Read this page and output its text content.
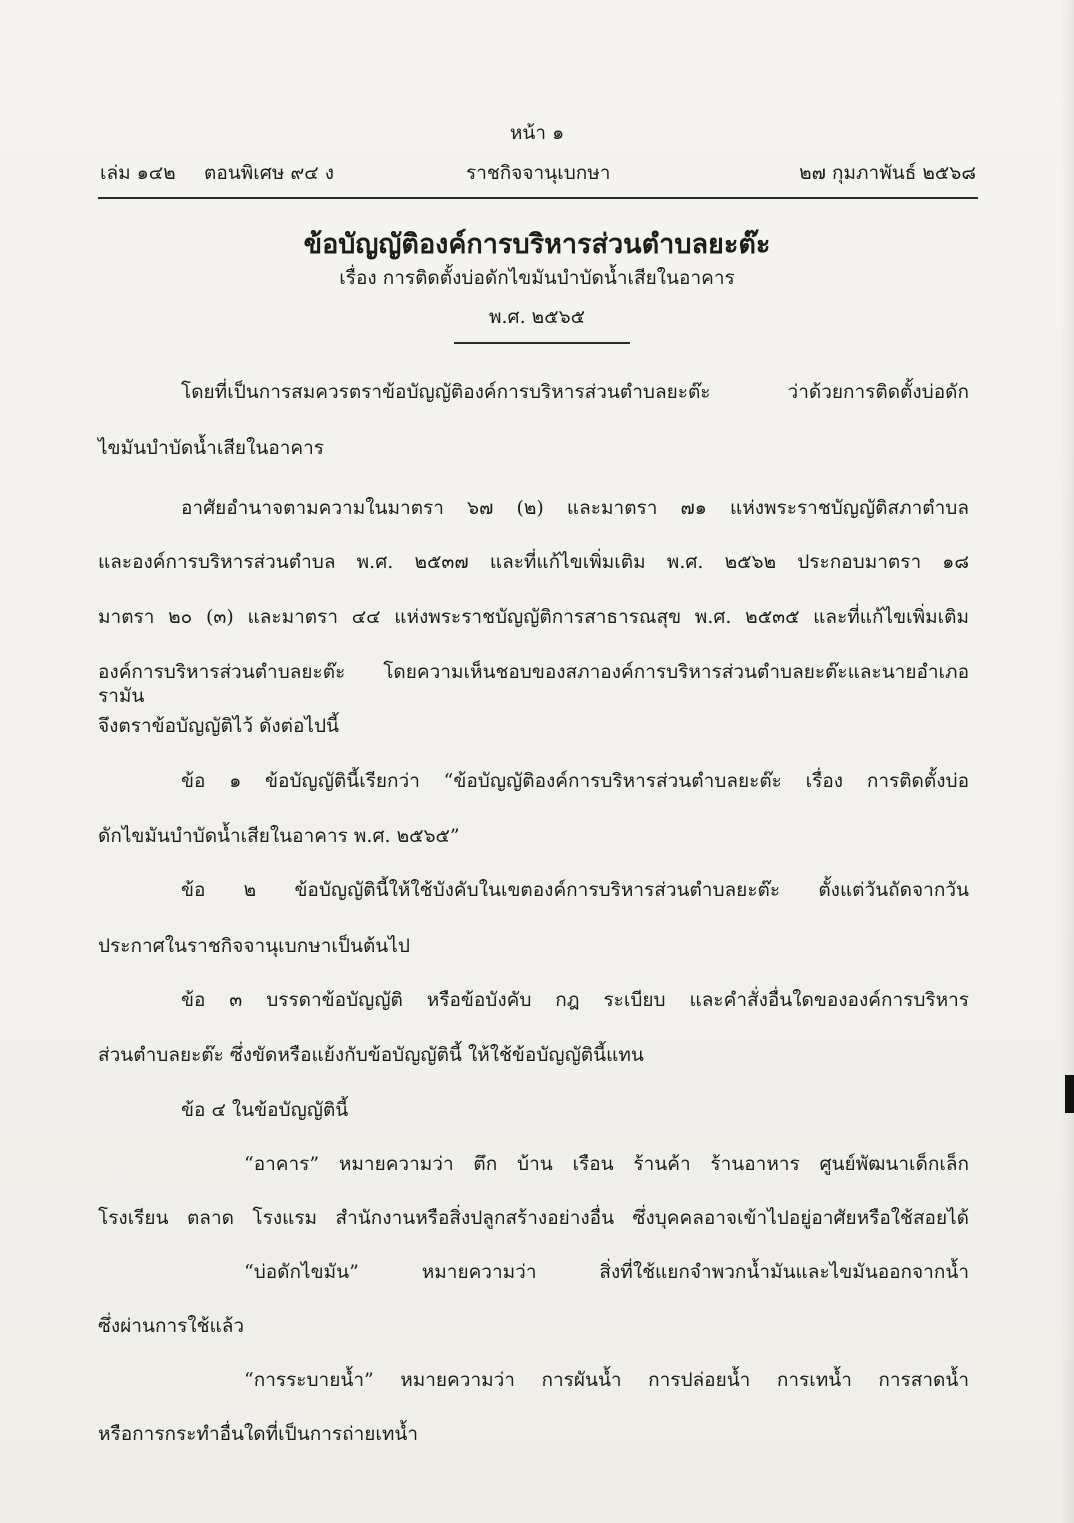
หน้า ๑
เล่ม ๑๔๒ ตอนพิเศษ ๙๔ ง	ราชกิจจานุเบกษา	๒๗ กุมภาพันธ์ ๒๕๖๘
ข้อบัญญัติองค์การบริหารส่วนตำบลยะต๊ะ
เรื่อง การติดตั้งบ่อดักไขมันบำบัดน้ำเสียในอาคาร
พ.ศ. ๒๕๖๕
โดยที่เป็นการสมควรตราข้อบัญญัติองค์การบริหารส่วนตำบลยะต๊ะ ว่าด้วยการติดตั้งบ่อดัก
ไขมันบำบัดน้ำเสียในอาคาร
อาศัยอำนาจตามความในมาตรา ๖๗ (๒) และมาตรา ๗๑ แห่งพระราชบัญญัติสภาตำบล
และองค์การบริหารส่วนตำบล พ.ศ. ๒๕๓๗ และที่แก้ไขเพิ่มเติม พ.ศ. ๒๕๖๒ ประกอบมาตรา ๑๘
มาตรา ๒๐ (๓) และมาตรา ๔๔ แห่งพระราชบัญญัติการสาธารณสุข พ.ศ. ๒๕๓๕ และที่แก้ไขเพิ่มเติม
องค์การบริหารส่วนตำบลยะต๊ะ โดยความเห็นชอบของสภาองค์การบริหารส่วนตำบลยะต๊ะและนายอำเภอรามัน
จึงตราข้อบัญญัติไว้ ดังต่อไปนี้
ข้อ ๑ ข้อบัญญัตินี้เรียกว่า “ข้อบัญญัติองค์การบริหารส่วนตำบลยะต๊ะ เรื่อง การติดตั้งบ่อ
ดักไขมันบำบัดน้ำเสียในอาคาร พ.ศ. ๒๕๖๕”
ข้อ ๒ ข้อบัญญัตินี้ให้ใช้บังคับในเขตองค์การบริหารส่วนตำบลยะต๊ะ ตั้งแต่วันถัดจากวัน
ประกาศในราชกิจจานุเบกษาเป็นต้นไป
ข้อ ๓ บรรดาข้อบัญญัติ หรือข้อบังคับ กฎ ระเบียบ และคำสั่งอื่นใดขององค์การบริหาร
ส่วนตำบลยะต๊ะ ซึ่งขัดหรือแย้งกับข้อบัญญัตินี้ ให้ใช้ข้อบัญญัตินี้แทน
ข้อ ๔ ในข้อบัญญัตินี้
“อาคาร” หมายความว่า ตึก บ้าน เรือน ร้านค้า ร้านอาหาร ศูนย์พัฒนาเด็กเล็ก
โรงเรียน ตลาด โรงแรม สำนักงานหรือสิ่งปลูกสร้างอย่างอื่น ซึ่งบุคคลอาจเข้าไปอยู่อาศัยหรือใช้สอยได้
“บ่อดักไขมัน” หมายความว่า สิ่งที่ใช้แยกจำพวกน้ำมันและไขมันออกจากน้ำ
ซึ่งผ่านการใช้แล้ว
“การระบายน้ำ” หมายความว่า การผันน้ำ การปล่อยน้ำ การเทน้ำ การสาดน้ำ
หรือการกระทำอื่นใดที่เป็นการถ่ายเทน้ำ
